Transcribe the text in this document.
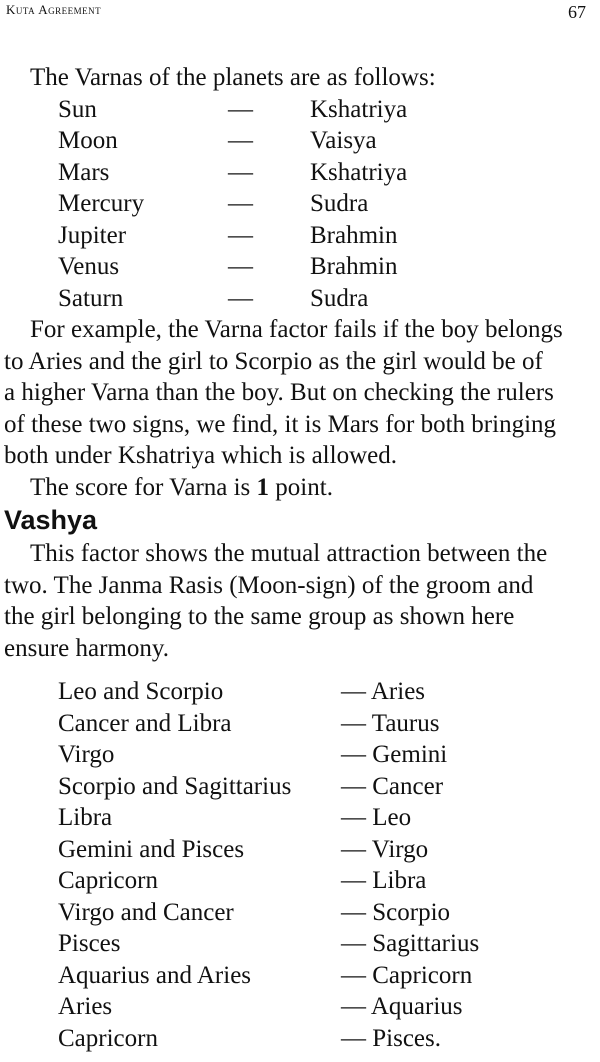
Kuta Agreement	67

The Varnas of the planets are as follows:

Sun	—	Kshatriya
Moon	—	Vaisya
Mars	—	Kshatriya
Mercury	—	Sudra
Jupiter	—	Brahmin
Venus	—	Brahmin
Saturn	—	Sudra

For example, the Varna factor fails if the boy belongs

to Aries and the girl to Scorpio as the girl would be of

a higher Varna than the boy. But on checking the rulers

of these two signs, we find, it is Mars for both bringing

both under Kshatriya which is allowed.

The score for Varna is 1 point.

Vashya

This factor shows the mutual attraction between the

two. The Janma Rasis (Moon-sign) of the groom and

the girl belonging to the same group as shown here

ensure harmony.

Leo and Scorpio	— Aries
Cancer and Libra	— Taurus
Virgo	— Gemini
Scorpio and Sagittarius	— Cancer
Libra	— Leo
Gemini and Pisces	— Virgo
Capricorn	— Libra
Virgo and Cancer	— Scorpio
Pisces	— Sagittarius
Aquarius and Aries	— Capricorn
Aries	— Aquarius
Capricorn	— Pisces.
